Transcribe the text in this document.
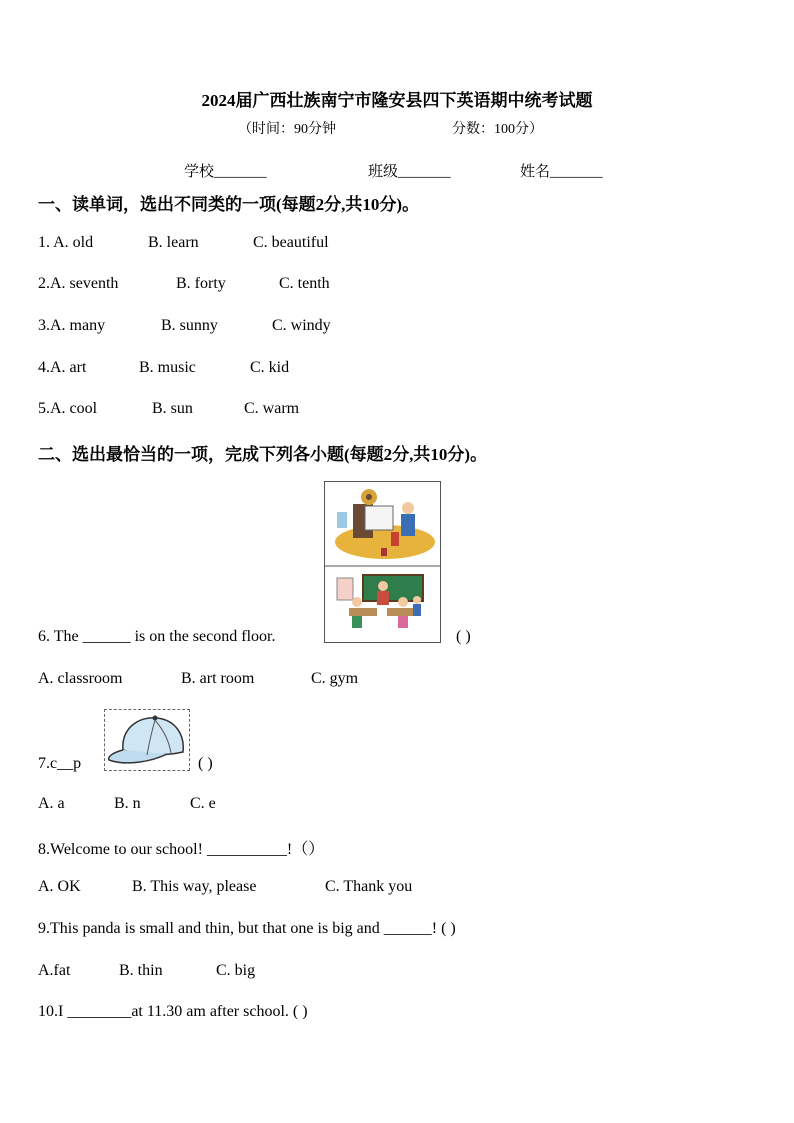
2024届广西壮族南宁市隆安县四下英语期中统考试题
（时间：90分钟	分数：100分）
学校_______	班级_______	姓名_______
一、读单词，选出不同类的一项(每题2分,共10分)。
1. A. old	B. learn	C. beautiful
2.A. seventh	B. forty	C. tenth
3.A. many	B. sunny	C. windy
4.A. art	B. music	C. kid
5.A. cool	B. sun	C. warm
二、选出最恰当的一项，完成下列各小题(每题2分,共10分)。
6. The ______ is on the second floor.	( )
A. classroom	B. art room	C. gym
7.c__p	( )
A. a	B. n	C. e
8.Welcome to our school! __________!（）
A. OK	B. This way, please	C. Thank you
9.This panda is small and thin, but that one is big and ______! ( )
A.fat	B. thin	C. big
10.I ________at 11.30 am after school. ( )
